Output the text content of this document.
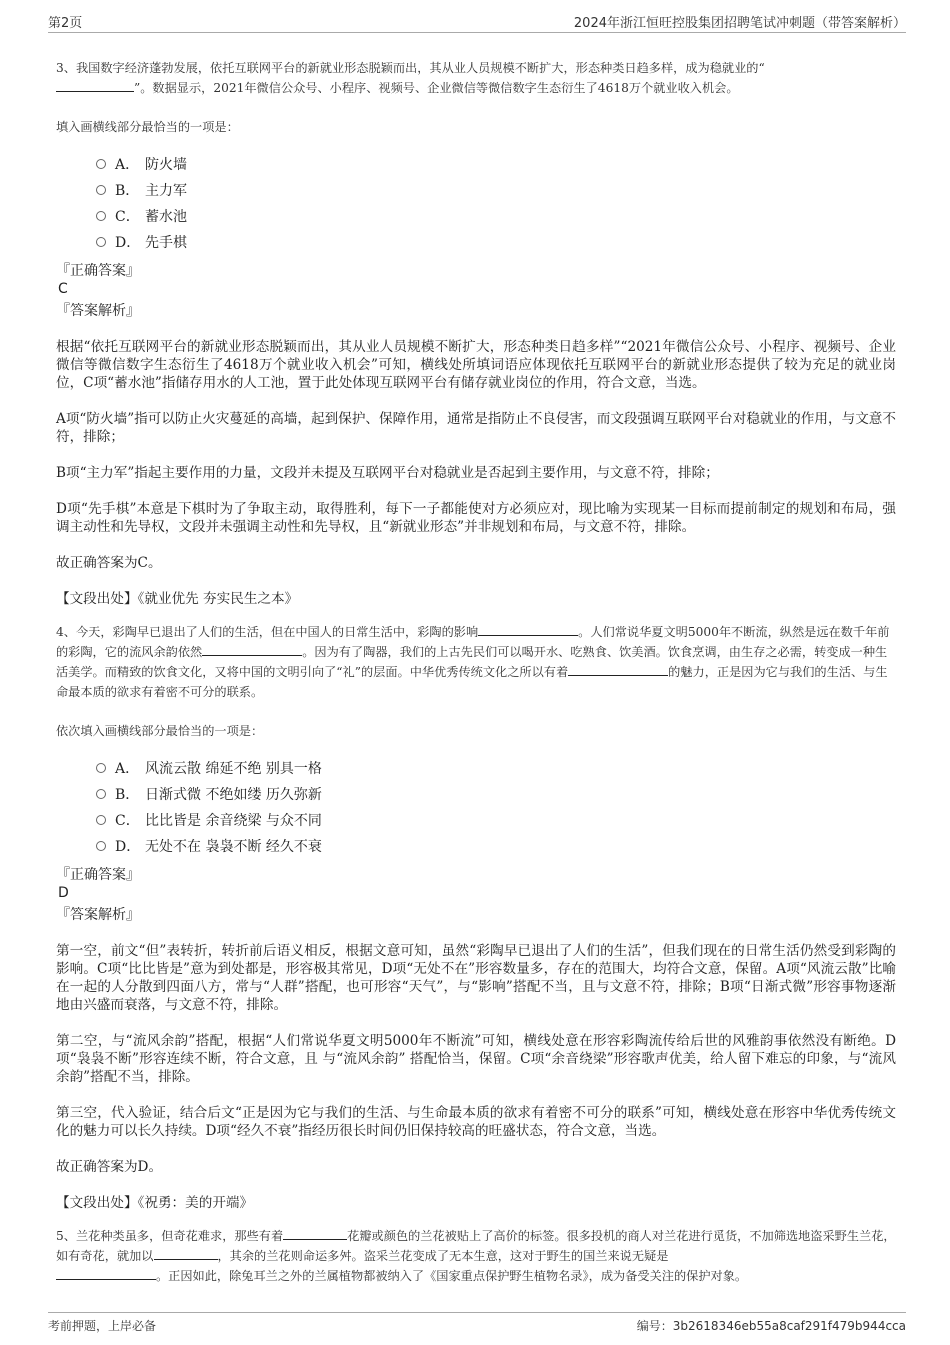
第2页	2024年浙江恒旺控股集团招聘笔试冲刺题（带答案解析）

3、我国数字经济蓬勃发展，依托互联网平台的新就业形态脱颖而出，其从业人员规模不断扩大，形态种类日趋多样，成为稳就业的“
”。数据显示，2021年微信公众号、小程序、视频号、企业微信等微信数字生态衍生了4618万个就业收入机会。

填入画横线部分最恰当的一项是：

A． 防火墙
B． 主力军
C． 蓄水池
D． 先手棋

『正确答案』

C

『答案解析』

根据“依托互联网平台的新就业形态脱颖而出，其从业人员规模不断扩大，形态种类日趋多样”“2021年微信公众号、小程序、视频号、企业微信等微信数字生态衍生了4618万个就业收入机会”可知，横线处所填词语应体现依托互联网平台的新就业形态提供了较为充足的就业岗位，C项“蓄水池”指储存用水的人工池，置于此处体现互联网平台有储存就业岗位的作用，符合文意，当选。

A项“防火墙”指可以防止火灾蔓延的高墙，起到保护、保障作用，通常是指防止不良侵害，而文段强调互联网平台对稳就业的作用，与文意不符，排除；

B项“主力军”指起主要作用的力量，文段并未提及互联网平台对稳就业是否起到主要作用，与文意不符，排除；

D项“先手棋”本意是下棋时为了争取主动，取得胜利，每下一子都能使对方必须应对，现比喻为实现某一目标而提前制定的规划和布局，强调主动性和先导权，文段并未强调主动性和先导权，且“新就业形态”并非规划和布局，与文意不符，排除。

故正确答案为C。

【文段出处】《就业优先 夯实民生之本》

4、今天，彩陶早已退出了人们的生活，但在中国人的日常生活中，彩陶的影响	。人们常说华夏文明5000年不断流，纵然是远在数千年前的彩陶，它的流风余韵依然	。因为有了陶器，我们的上古先民们可以喝开水、吃熟食、饮美酒。饮食烹调，由生存之必需，转变成一种生活美学。而精致的饮食文化，又将中国的文明引向了“礼”的层面。中华优秀传统文化之所以有着	的魅力，正是因为它与我们的生活、与生命最本质的欲求有着密不可分的联系。

依次填入画横线部分最恰当的一项是：

A． 风流云散 绵延不绝 别具一格
B． 日渐式微 不绝如缕 历久弥新
C． 比比皆是 余音绕梁 与众不同
D． 无处不在 袅袅不断 经久不衰

『正确答案』

D

『答案解析』

第一空，前文“但”表转折，转折前后语义相反，根据文意可知，虽然“彩陶早已退出了人们的生活”，但我们现在的日常生活仍然受到彩陶的影响。C项“比比皆是”意为到处都是，形容极其常见，D项“无处不在”形容数量多，存在的范围大，均符合文意，保留。A项“风流云散”比喻在一起的人分散到四面八方，常与“人群”搭配，也可形容“天气”，与“影响”搭配不当，且与文意不符，排除；B项“日渐式微”形容事物逐渐地由兴盛而衰落，与文意不符，排除。

第二空，与“流风余韵”搭配，根据“人们常说华夏文明5000年不断流”可知，横线处意在形容彩陶流传给后世的风雅韵事依然没有断绝。D项“袅袅不断”形容连续不断，符合文意，且 与“流风余韵” 搭配恰当，保留。C项“余音绕梁”形容歌声优美，给人留下难忘的印象，与“流风余韵”搭配不当，排除。

第三空，代入验证，结合后文“正是因为它与我们的生活、与生命最本质的欲求有着密不可分的联系”可知，横线处意在形容中华优秀传统文化的魅力可以长久持续。D项“经久不衰”指经历很长时间仍旧保持较高的旺盛状态，符合文意，当选。

故正确答案为D。

【文段出处】《祝勇：美的开端》

5、兰花种类虽多，但奇花难求，那些有着	花瓣或颜色的兰花被贴上了高价的标签。很多投机的商人对兰花进行觅货，不加筛选地盗采野生兰花，如有奇花，就加以	，其余的兰花则命运多舛。盗采兰花变成了无本生意，这对于野生的国兰来说无疑是
。正因如此，除兔耳兰之外的兰属植物都被纳入了《国家重点保护野生植物名录》，成为备受关注的保护对象。

考前押题，上岸必备	编号：3b2618346eb55a8caf291f479b944cca
